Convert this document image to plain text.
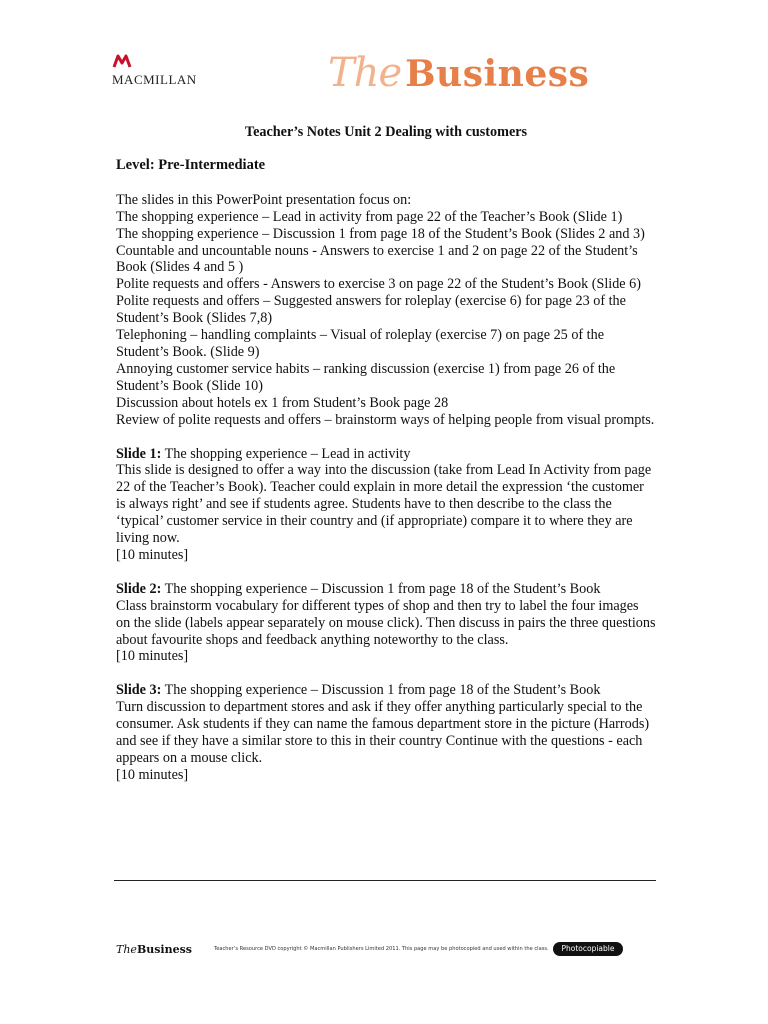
MACMILLAN	The Business

Teacher’s Notes Unit 2 Dealing with customers

Level: Pre-Intermediate

The slides in this PowerPoint presentation focus on:

The shopping experience – Lead in activity from page 22 of the Teacher’s Book (Slide 1)

The shopping experience – Discussion 1 from page 18 of the Student’s Book (Slides 2 and 3)

Countable and uncountable nouns - Answers to exercise 1 and 2 on page 22 of the Student’s Book (Slides 4 and 5 )

Polite requests and offers - Answers to exercise 3 on page 22 of the Student’s Book (Slide 6)

Polite requests and offers – Suggested answers for roleplay (exercise 6) for page 23 of the Student’s Book (Slides 7,8)

Telephoning – handling complaints – Visual of roleplay (exercise 7) on page 25 of the Student’s Book. (Slide 9)

Annoying customer service habits – ranking discussion (exercise 1) from page 26 of the Student’s Book (Slide 10)

Discussion about hotels ex 1 from Student’s Book page 28

Review of polite requests and offers – brainstorm ways of helping people from visual prompts.

Slide 1: The shopping experience – Lead in activity

This slide is designed to offer a way into the discussion (take from Lead In Activity from page 22 of the Teacher’s Book). Teacher could explain in more detail the expression ‘the customer is always right’ and see if students agree. Students have to then describe to the class the ‘typical’ customer service in their country and (if appropriate) compare it to where they are living now.

[10 minutes]

Slide 2: The shopping experience – Discussion 1 from page 18 of the Student’s Book

Class brainstorm vocabulary for different types of shop and then try to label the four images on the slide (labels appear separately on mouse click). Then discuss in pairs the three questions about favourite shops and feedback anything noteworthy to the class.

[10 minutes]

Slide 3: The shopping experience – Discussion 1 from page 18 of the Student’s Book

Turn discussion to department stores and ask if they offer anything particularly special to the consumer. Ask students if they can name the famous department store in the picture (Harrods) and see if they have a similar store to this in their country Continue with the questions - each appears on a mouse click.

[10 minutes]

TheBusiness	Teacher’s Resource DVD copyright © Macmillan Publishers Limited 2011. This page may be photocopied and used within the class.	Photocopiable
